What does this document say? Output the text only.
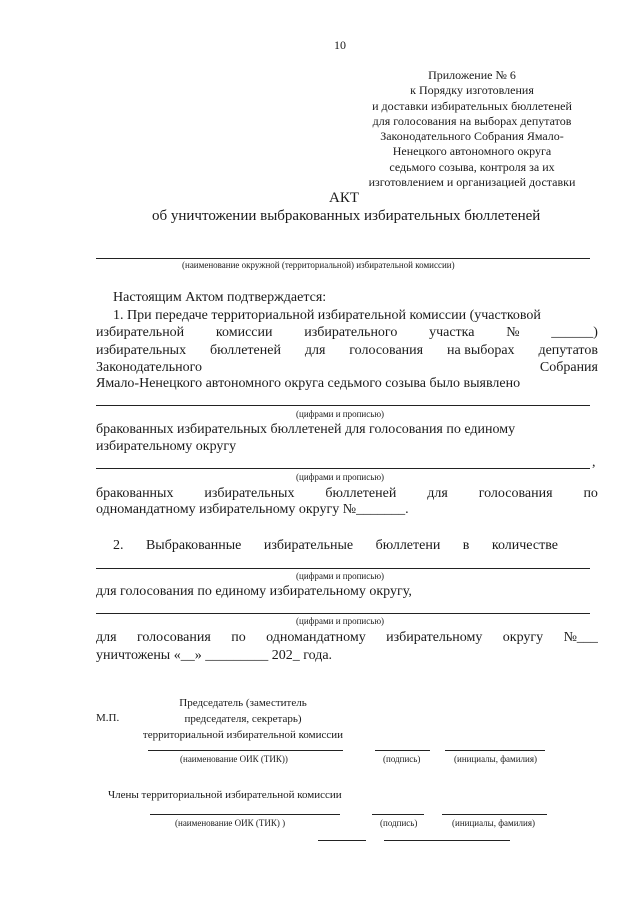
10
Приложение № 6
к Порядку изготовления
и доставки избирательных бюллетеней
для голосования на выборах депутатов
Законодательного Собрания Ямало-
Ненецкого автономного округа
седьмого созыва, контроля за их
изготовлением и организацией доставки
АКТ
об уничтожении выбракованных избирательных бюллетеней
(наименование окружной (территориальной) избирательной комиссии)
Настоящим Актом подтверждается:
1. При передаче территориальной избирательной комиссии (участковой
избирательной комиссии избирательного участка № ______)
избирательных бюллетеней для голосования на выборах депутатов
Законодательного	Собрания
Ямало-Ненецкого автономного округа седьмого созыва было выявлено
(цифрами и прописью)
бракованных избирательных бюллетеней для голосования по единому
избирательному округу
,
(цифрами и прописью)
бракованных избирательных бюллетеней для голосования по
одномандатному избирательному округу №_______.
2. Выбракованные избирательные бюллетени в количестве
(цифрами и прописью)
для голосования по единому избирательному округу,
(цифрами и прописью)
для голосования по одномандатному избирательному округу №___
уничтожены «__» _________ 202_ года.
М.П.
Председатель (заместитель
председателя, секретарь)
территориальной избирательной комиссии
(наименование ОИК (ТИК))	(подпись)	(инициалы, фамилия)
Члены территориальной избирательной комиссии
(наименование ОИК (ТИК) )	(подпись)	(инициалы, фамилия)
